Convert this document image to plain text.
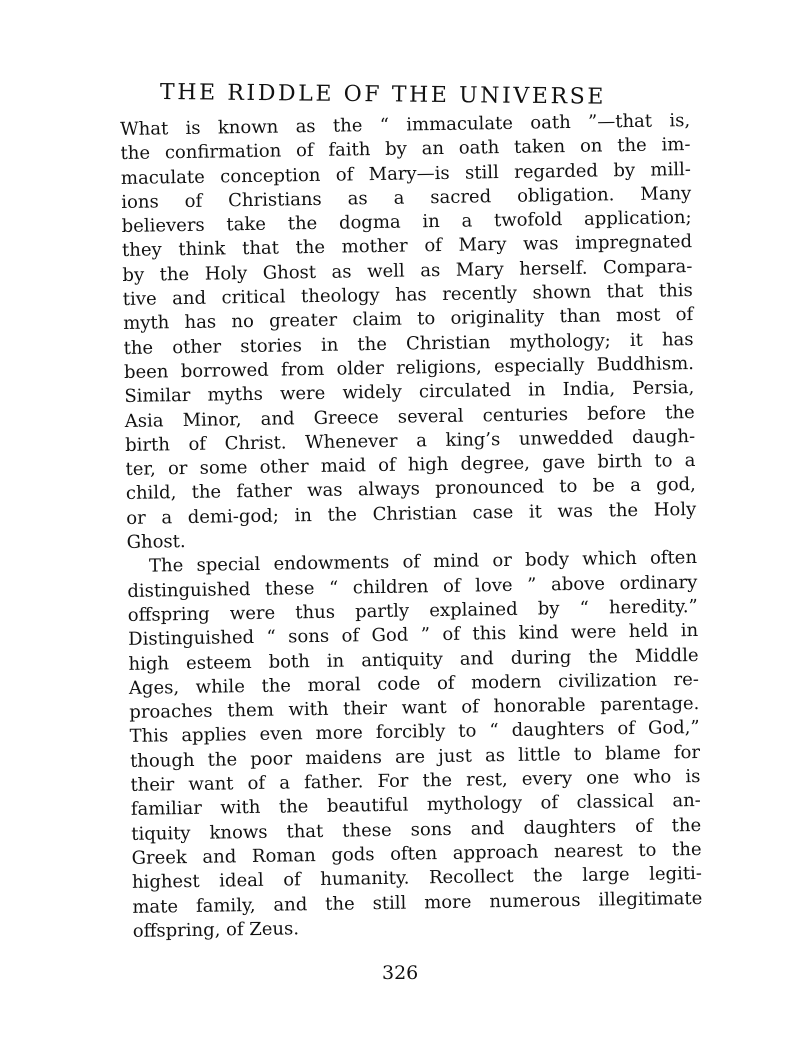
THE RIDDLE OF THE UNIVERSE
What is known as the “ immaculate oath ”—that is,
the confirmation of faith by an oath taken on the im-
maculate conception of Mary—is still regarded by mill-
ions of Christians as a sacred obligation. Many
believers take the dogma in a twofold application;
they think that the mother of Mary was impregnated
by the Holy Ghost as well as Mary herself. Compara-
tive and critical theology has recently shown that this
myth has no greater claim to originality than most of
the other stories in the Christian mythology; it has
been borrowed from older religions, especially Buddhism.
Similar myths were widely circulated in India, Persia,
Asia Minor, and Greece several centuries before the
birth of Christ. Whenever a king’s unwedded daugh-
ter, or some other maid of high degree, gave birth to a
child, the father was always pronounced to be a god,
or a demi-god; in the Christian case it was the Holy
Ghost.
The special endowments of mind or body which often
distinguished these “ children of love ” above ordinary
offspring were thus partly explained by “ heredity.”
Distinguished “ sons of God ” of this kind were held in
high esteem both in antiquity and during the Middle
Ages, while the moral code of modern civilization re-
proaches them with their want of honorable parentage.
This applies even more forcibly to “ daughters of God,”
though the poor maidens are just as little to blame for
their want of a father. For the rest, every one who is
familiar with the beautiful mythology of classical an-
tiquity knows that these sons and daughters of the
Greek and Roman gods often approach nearest to the
highest ideal of humanity. Recollect the large legiti-
mate family, and the still more numerous illegitimate
offspring, of Zeus.
326
